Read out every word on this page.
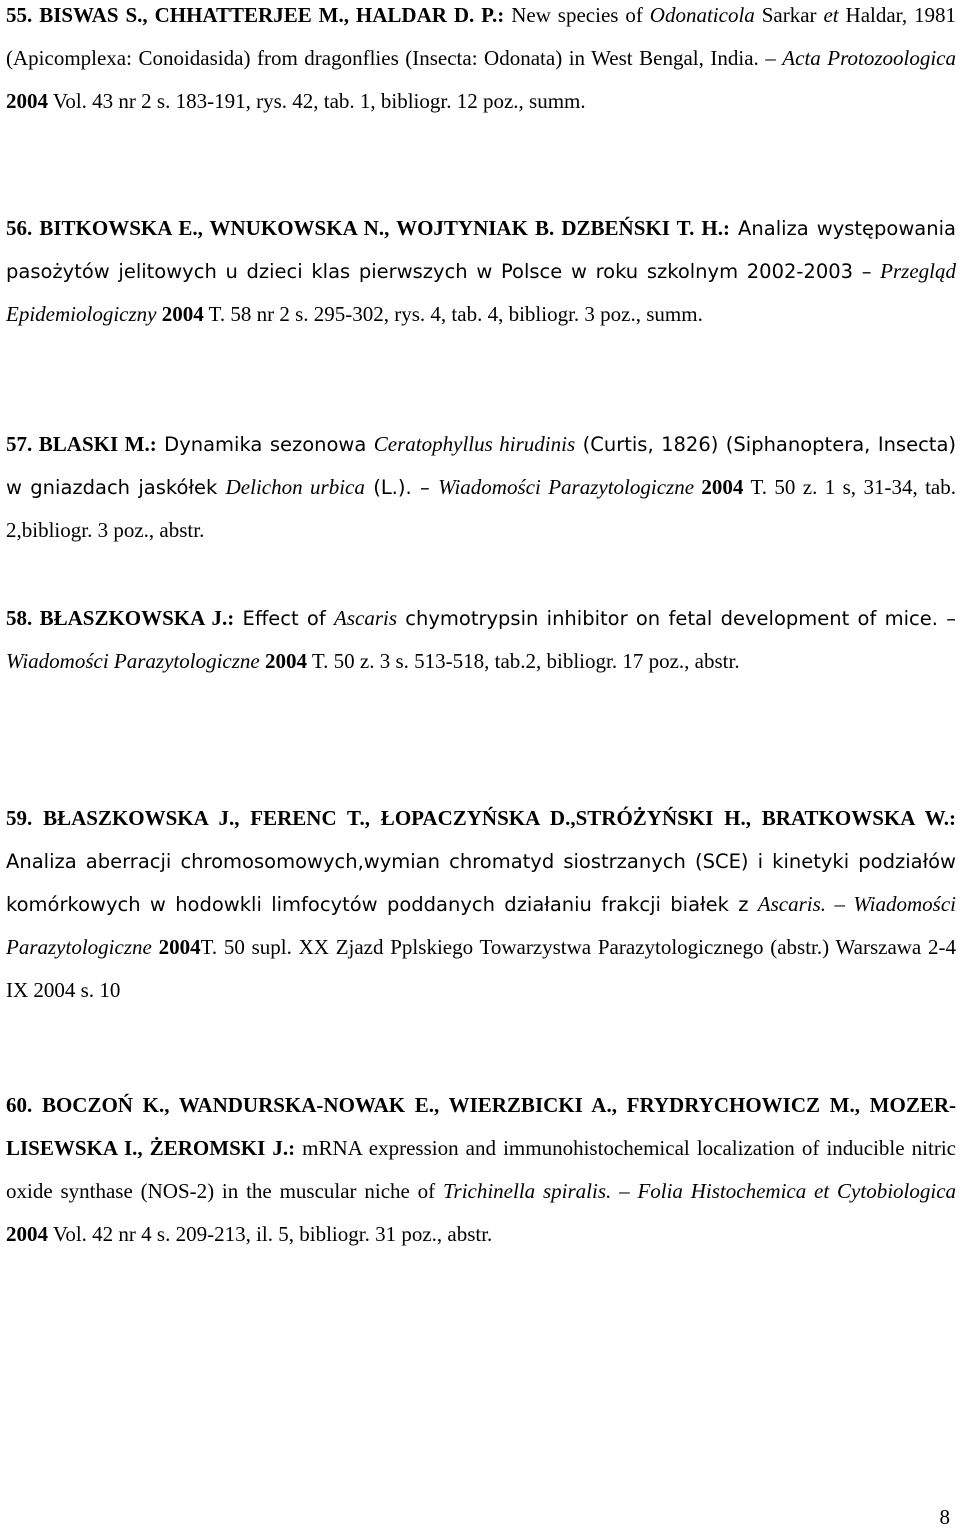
55. BISWAS S., CHHATTERJEE M., HALDAR D. P.: New species of Odonaticola Sarkar et Haldar, 1981 (Apicomplexa: Conoidasida) from dragonflies (Insecta: Odonata) in West Bengal, India. – Acta Protozoologica 2004 Vol. 43 nr 2 s. 183-191, rys. 42, tab. 1, bibliogr. 12 poz., summ.
56. BITKOWSKA E., WNUKOWSKA N., WOJTYNIAK B. DZBEŃSKI T. H.: Analiza występowania pasożytów jelitowych u dzieci klas pierwszych w Polsce w roku szkolnym 2002-2003 – Przegląd Epidemiologiczny 2004 T. 58 nr 2 s. 295-302, rys. 4, tab. 4, bibliogr. 3 poz., summ.
57. BLASKI M.: Dynamika sezonowa Ceratophyllus hirudinis (Curtis, 1826) (Siphanoptera, Insecta) w gniazdach jaskółek Delichon urbica (L.). – Wiadomości Parazytologiczne 2004 T. 50 z. 1 s, 31-34, tab. 2,bibliogr. 3 poz., abstr.
58. BŁASZKOWSKA J.: Effect of Ascaris chymotrypsin inhibitor on fetal development of mice. – Wiadomości Parazytologiczne 2004 T. 50 z. 3 s. 513-518, tab.2, bibliogr. 17 poz., abstr.
59. BŁASZKOWSKA J., FERENC T., ŁOPACZYŃSKA D.,STRÓŻYŃSKI H., BRATKOWSKA W.: Analiza aberracji chromosomowych,wymian chromatyd siostrzanych (SCE) i kinetyki podziałów komórkowych w hodowkli limfocytów poddanych działaniu frakcji białek z Ascaris. – Wiadomości Parazytologiczne 2004T. 50 supl. XX Zjazd Pplskiego Towarzystwa Parazytologicznego (abstr.) Warszawa 2-4 IX 2004 s. 10
60. BOCZOŃ K., WANDURSKA-NOWAK E., WIERZBICKI A., FRYDRYCHOWICZ M., MOZER-LISEWSKA I., ŻEROMSKI J.: mRNA expression and immunohistochemical localization of inducible nitric oxide synthase (NOS-2) in the muscular niche of Trichinella spiralis. – Folia Histochemica et Cytobiologica 2004 Vol. 42 nr 4 s. 209-213, il. 5, bibliogr. 31 poz., abstr.
8
